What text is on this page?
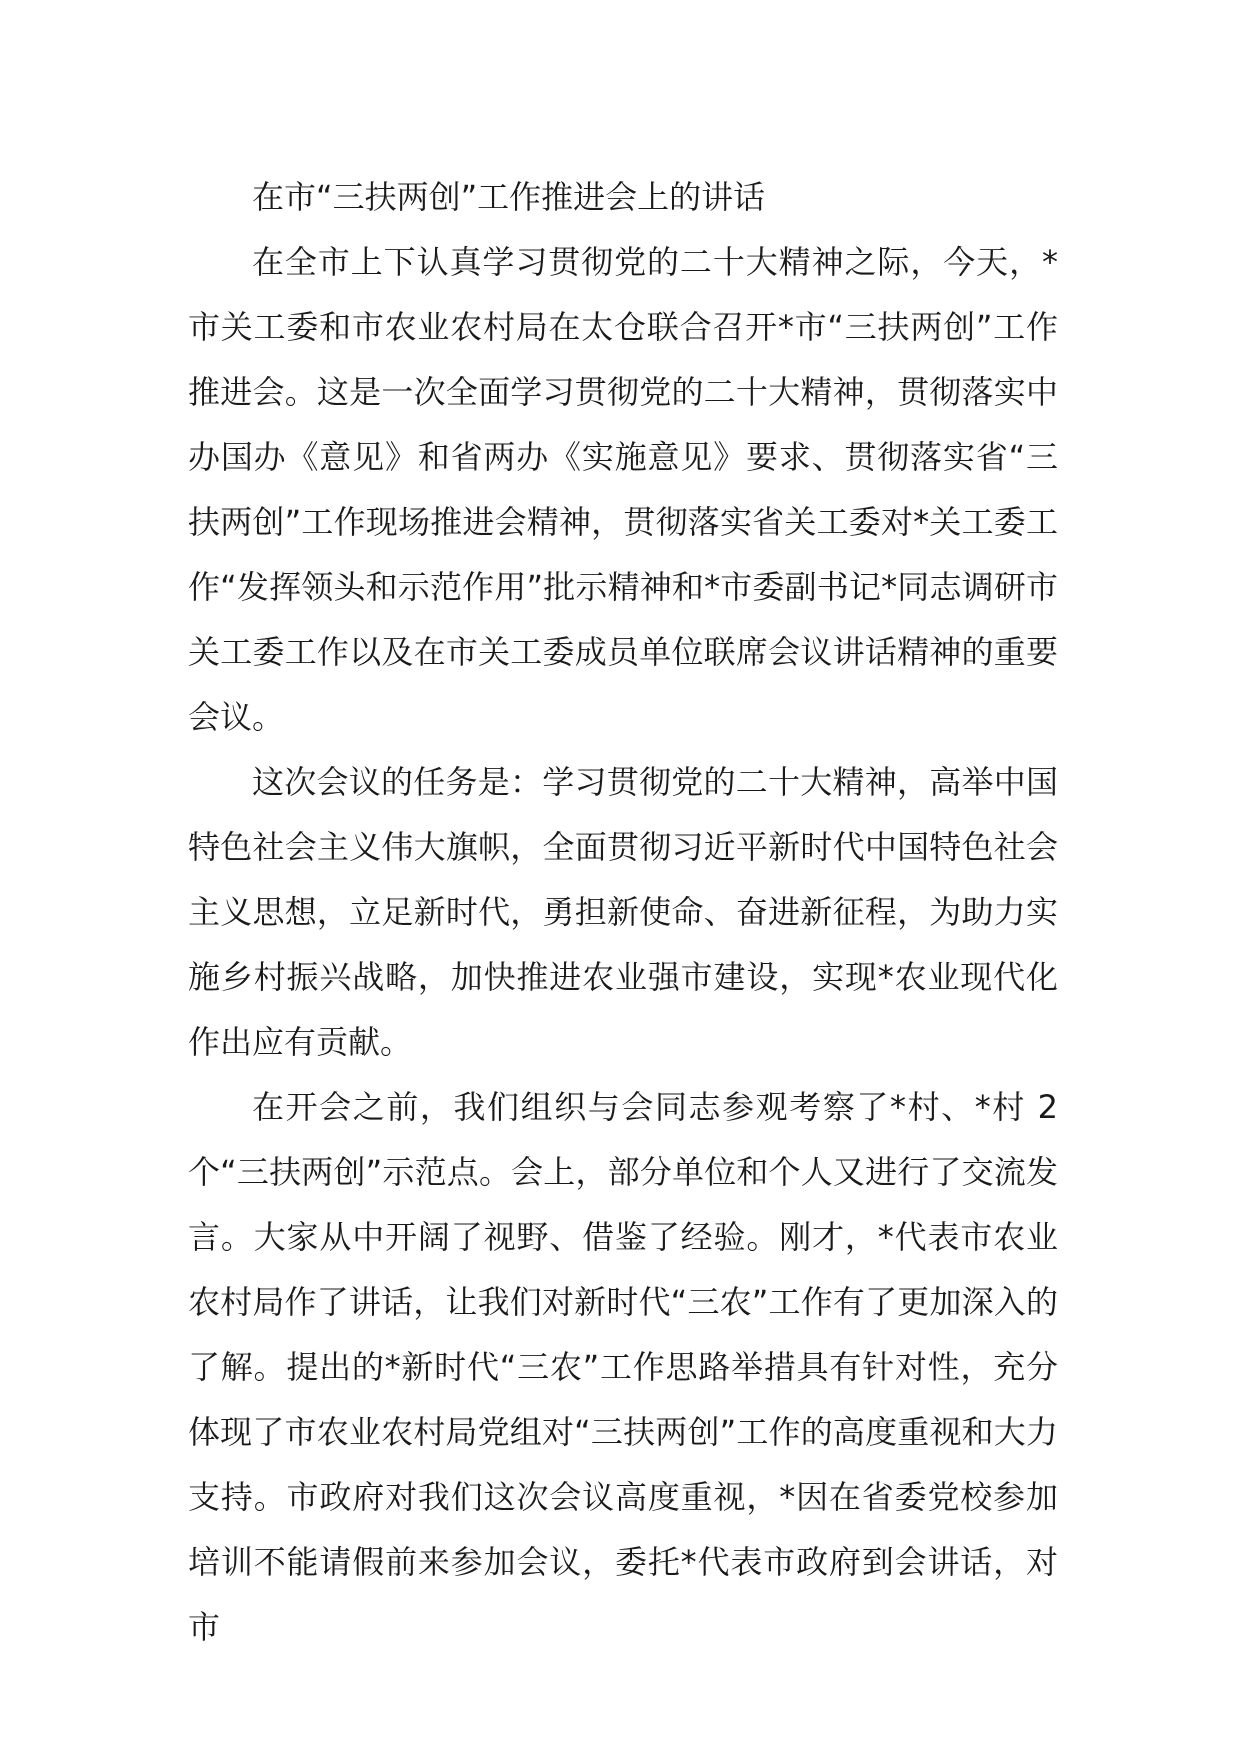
在市“三扶两创”工作推进会上的讲话

在全市上下认真学习贯彻党的二十大精神之际，今天，*市关工委和市农业农村局在太仓联合召开*市“三扶两创”工作推进会。这是一次全面学习贯彻党的二十大精神，贯彻落实中办国办《意见》和省两办《实施意见》要求、贯彻落实省“三扶两创”工作现场推进会精神，贯彻落实省关工委对*关工委工作“发挥领头和示范作用”批示精神和*市委副书记*同志调研市关工委工作以及在市关工委成员单位联席会议讲话精神的重要会议。

这次会议的任务是：学习贯彻党的二十大精神，高举中国特色社会主义伟大旗帜，全面贯彻习近平新时代中国特色社会主义思想，立足新时代，勇担新使命、奋进新征程，为助力实施乡村振兴战略，加快推进农业强市建设，实现*农业现代化作出应有贡献。

在开会之前，我们组织与会同志参观考察了*村、*村 2 个“三扶两创”示范点。会上，部分单位和个人又进行了交流发言。大家从中开阔了视野、借鉴了经验。刚才，*代表市农业农村局作了讲话，让我们对新时代“三农”工作有了更加深入的了解。提出的*新时代“三农”工作思路举措具有针对性，充分体现了市农业农村局党组对“三扶两创”工作的高度重视和大力支持。市政府对我们这次会议高度重视，*因在省委党校参加培训不能请假前来参加会议，委托*代表市政府到会讲话，对市
